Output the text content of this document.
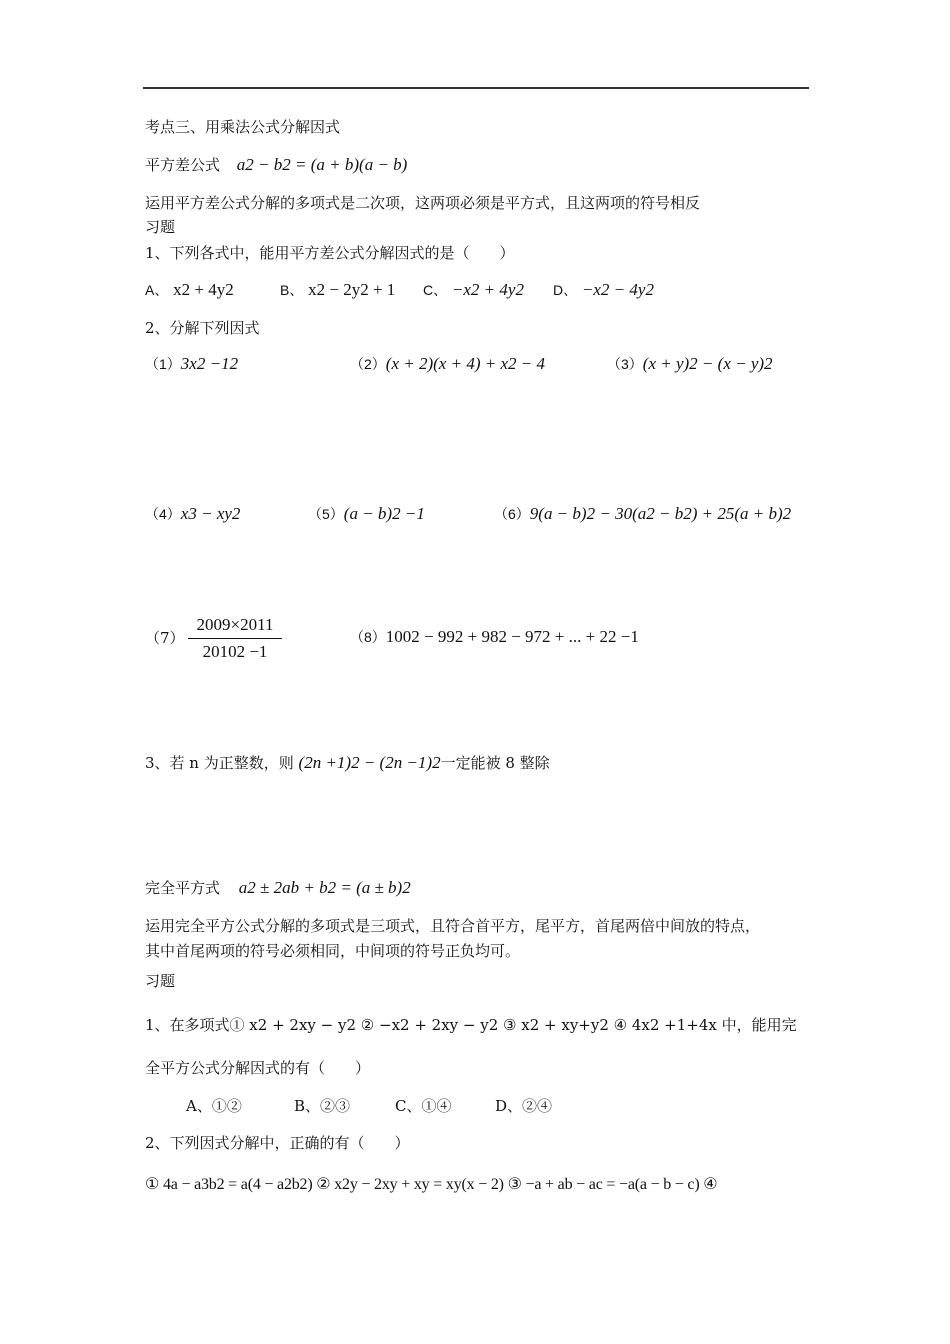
考点三、用乘法公式分解因式
平方差公式 a2 − b2 = (a + b)(a − b)
运用平方差公式分解的多项式是二次项，这两项必须是平方式，且这两项的符号相反
习题
1、下列各式中，能用平方差公式分解因式的是（　　）
A、 x2 + 4y2	B、 x2 − 2y2 + 1 C、 −x2 + 4y2 D、 −x2 − 4y2
2、分解下列因式
（1）3x2 −12	（2）(x + 2)(x + 4) + x2 − 4	（3）(x + y)2 − (x − y)2
（4）x3 − xy2	（5）(a − b)2 −1	（6）9(a − b)2 − 30(a2 − b2) + 25(a + b)2
（7）
2009×2011
20102 −1
（8）1002 − 992 + 982 − 972 + ... + 22 −1
3、若 n 为正整数，则 (2n +1)2 − (2n −1)2一定能被 8 整除
完全平方式 a2 ± 2ab + b2 = (a ± b)2
运用完全平方公式分解的多项式是三项式，且符合首平方，尾平方，首尾两倍中间放的特点，
其中首尾两项的符号必须相同，中间项的符号正负均可。
习题
1、在多项式① x2 + 2xy − y2 ② −x2 + 2xy − y2 ③ x2 + xy+y2 ④ 4x2 +1+4x 中，能用完
全平方公式分解因式的有（　　）
A、①②	B、②③	C、①④	D、②④
2、下列因式分解中，正确的有（　　）
① 4a − a3b2 = a(4 − a2b2) ② x2y − 2xy + xy = xy(x − 2) ③ −a + ab − ac = −a(a − b − c) ④
